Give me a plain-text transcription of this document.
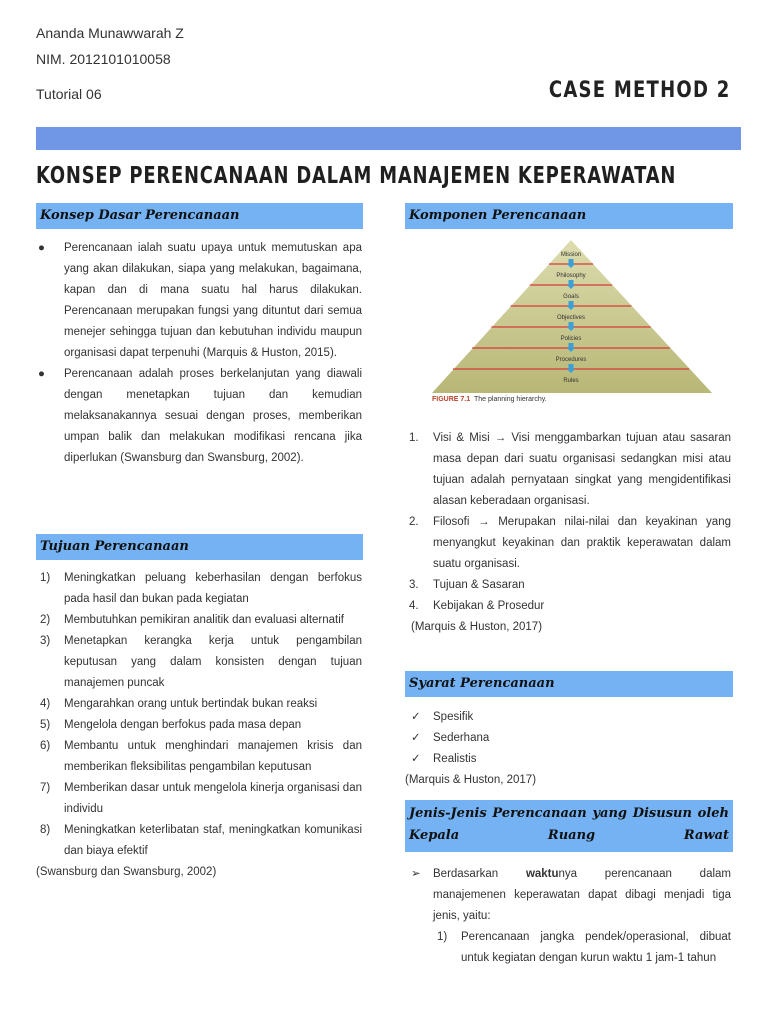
Ananda Munawwarah Z
NIM. 2012101010058
Tutorial 06	CASE METHOD 2
KONSEP PERENCANAAN DALAM MANAJEMEN KEPERAWATAN
Konsep Dasar Perencanaan
● Perencanaan ialah suatu upaya untuk memutuskan apa yang akan dilakukan, siapa yang melakukan, bagaimana, kapan dan di mana suatu hal harus dilakukan. Perencanaan merupakan fungsi yang dituntut dari semua menejer sehingga tujuan dan kebutuhan individu maupun organisasi dapat terpenuhi (Marquis & Huston, 2015).
● Perencanaan adalah proses berkelanjutan yang diawali dengan menetapkan tujuan dan kemudian melaksanakannya sesuai dengan proses, memberikan umpan balik dan melakukan modifikasi rencana jika diperlukan (Swansburg dan Swansburg, 2002).
Tujuan Perencanaan
1) Meningkatkan peluang keberhasilan dengan berfokus pada hasil dan bukan pada kegiatan
2) Membutuhkan pemikiran analitik dan evaluasi alternatif
3) Menetapkan kerangka kerja untuk pengambilan keputusan yang dalam konsisten dengan tujuan manajemen puncak
4) Mengarahkan orang untuk bertindak bukan reaksi
5) Mengelola dengan berfokus pada masa depan
6) Membantu untuk menghindari manajemen krisis dan memberikan fleksibilitas pengambilan keputusan
7) Memberikan dasar untuk mengelola kinerja organisasi dan individu
8) Meningkatkan keterlibatan staf, meningkatkan komunikasi dan biaya efektif

(Swansburg dan Swansburg, 2002)

Komponen Perencanaan
Mission
Philosophy
Goals
Objectives
Policies
Procedures
Rules
FIGURE 7.1 The planning hierarchy.
1. Visi & Misi → Visi menggambarkan tujuan atau sasaran masa depan dari suatu organisasi sedangkan misi atau tujuan adalah pernyataan singkat yang mengidentifikasi alasan keberadaan organisasi.
2. Filosofi → Merupakan nilai-nilai dan keyakinan yang menyangkut keyakinan dan praktik keperawatan dalam suatu organisasi.
3. Tujuan & Sasaran
4. Kebijakan & Prosedur

(Marquis & Huston, 2017)

Syarat Perencanaan
✓ Spesifik
✓ Sederhana
✓ Realistis

(Marquis & Huston, 2017)

Jenis-Jenis Perencanaan yang Disusun oleh Kepala Ruang Rawat
➢ Berdasarkan waktunya perencanaan dalam manajemenen keperawatan dapat dibagi menjadi tiga jenis, yaitu:
1) Perencanaan jangka pendek/operasional, dibuat untuk kegiatan dengan kurun waktu 1 jam-1 tahun
